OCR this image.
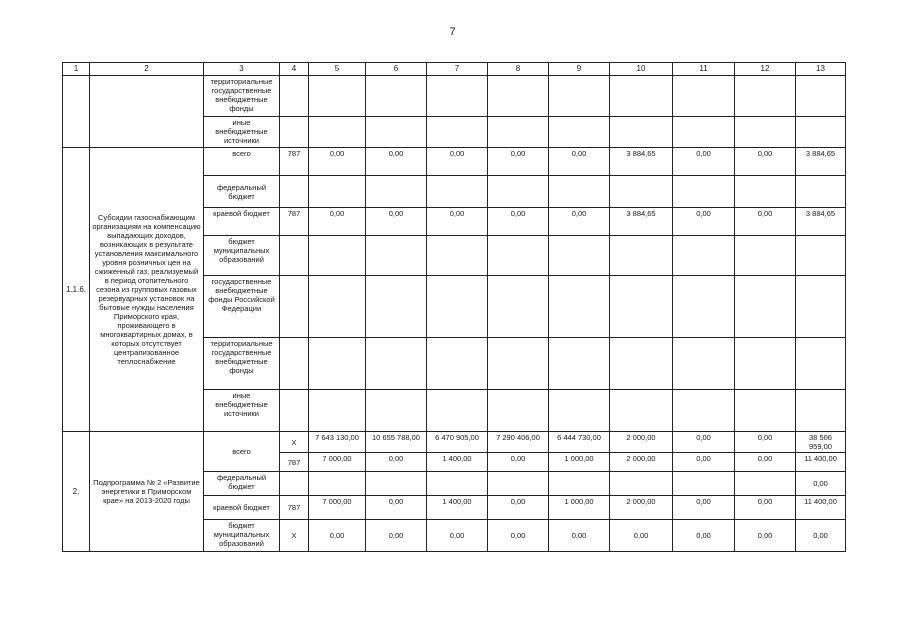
7
1	2	3	4	5	6	7	8	9	10	11	12	13
		территориальные государственные внебюджетные фонды										
		иные внебюджетные источники										
1.1.6.	Субсидии газоснабжающим организациям на компенсацию выпадающих доходов, возникающих в результате установления максимального уровня розничных цен на сжиженный газ, реализуемый в период отопительного сезона из групповых газовых резервуарных установок на бытовые нужды населения Приморского края, проживающего в многоквартирных домах, в которых отсутствует централизованное теплоснабжение	всего	787	0,00	0,00	0,00	0,00	0,00	3 884,65	0,00	0,00	3 884,65
		федеральный бюджет										
		краевой бюджет	787	0,00	0,00	0,00	0,00	0,00	3 884,65	0,00	0,00	3 884,65
		бюджет муниципальных образований										
		государственные внебюджетные фонды Российской Федерации										
		территориальные государственные внебюджетные фонды										
		иные внебюджетные источники										
2.	Подпрограмма № 2 «Развитие энергетики в Приморском крае» на 2013-2020 годы	всего	X	7 643 130,00	10 655 788,00	6 470 905,00	7 290 406,00	6 444 730,00	2 000,00	0,00	0,00	38 506 959,00
			787	7 000,00	0,00	1 400,00	0,00	1 000,00	2 000,00	0,00	0,00	11 400,00
		федеральный бюджет										0,00
		краевой бюджет	787	7 000,00	0,00	1 400,00	0,00	1 000,00	2 000,00	0,00	0,00	11 400,00
		бюджет муниципальных образований	X	0,00	0,00	0,00	0,00	0,00	0,00	0,00	0,00	0,00
